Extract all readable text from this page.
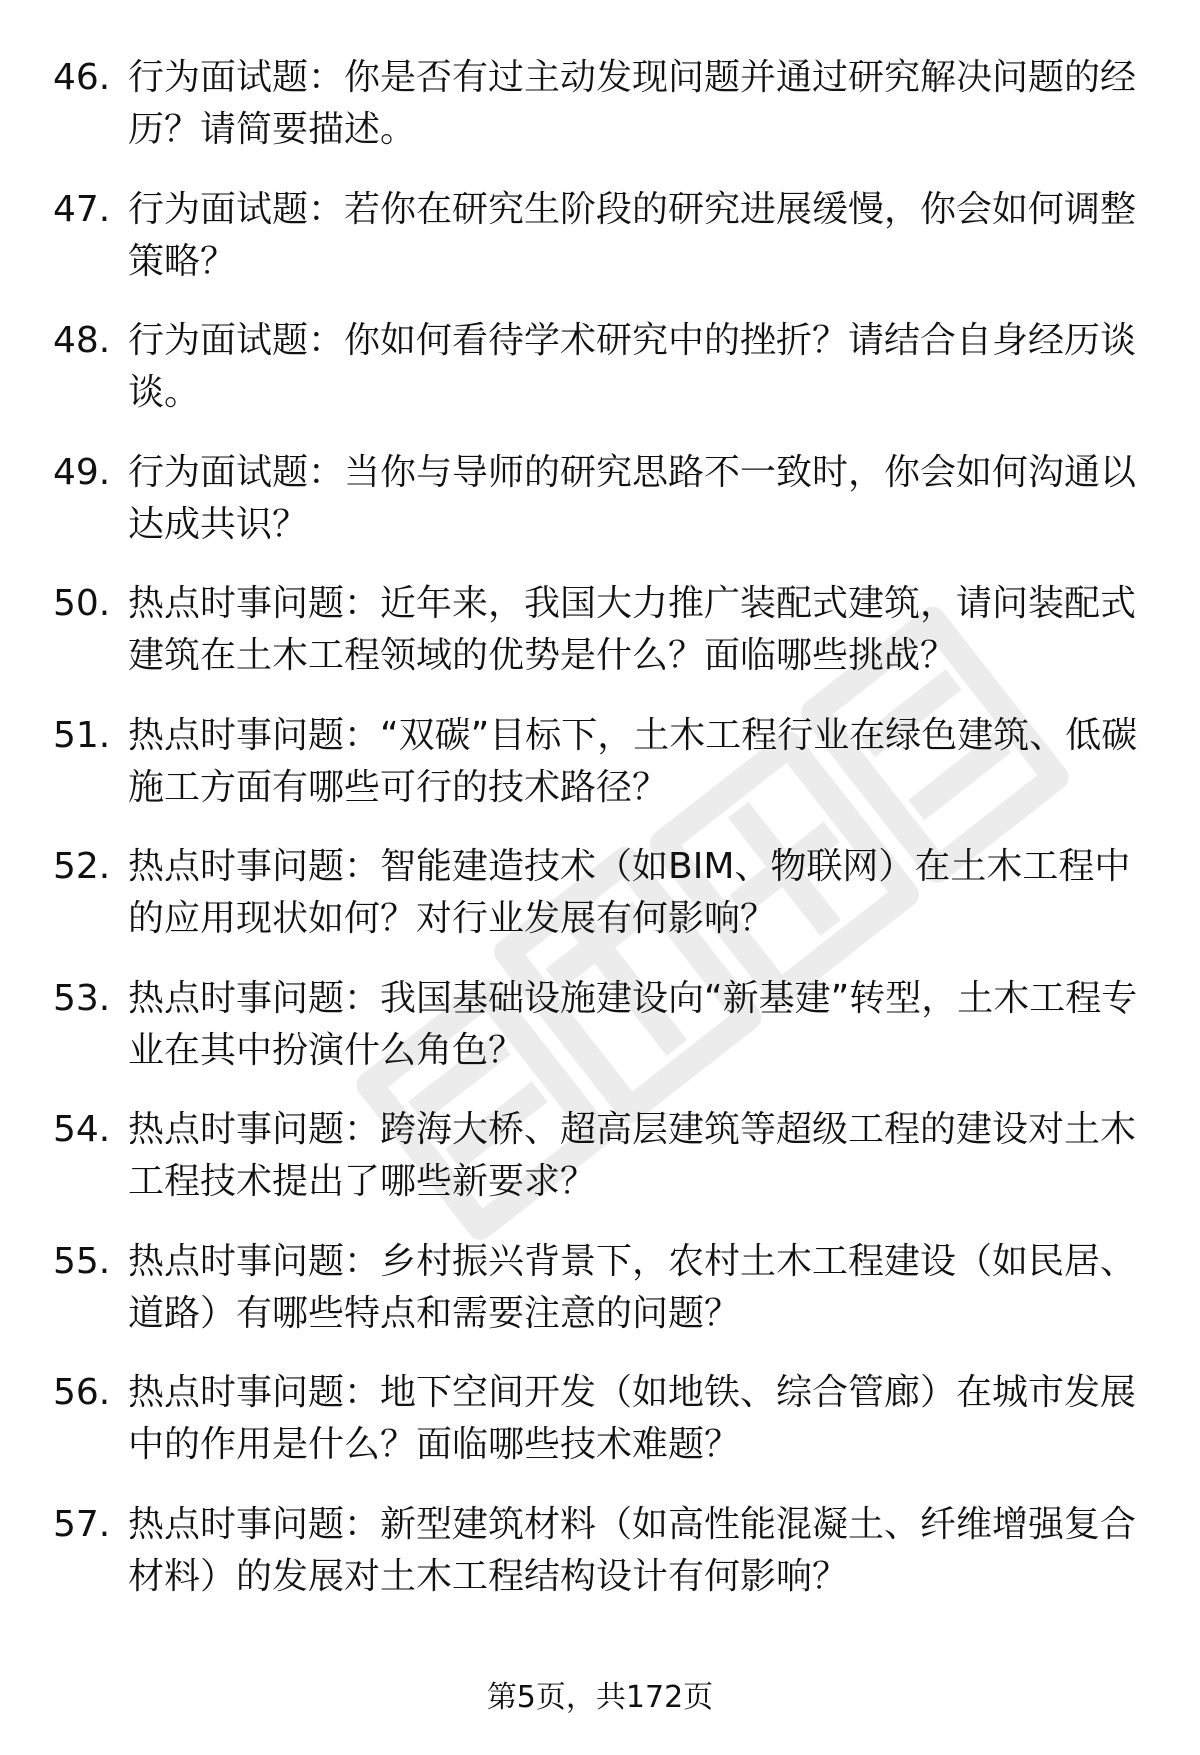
46. 行为面试题：你是否有过主动发现问题并通过研究解决问题的经历？请简要描述。
47. 行为面试题：若你在研究生阶段的研究进展缓慢，你会如何调整策略？
48. 行为面试题：你如何看待学术研究中的挫折？请结合自身经历谈谈。
49. 行为面试题：当你与导师的研究思路不一致时，你会如何沟通以达成共识？
50. 热点时事问题：近年来，我国大力推广装配式建筑，请问装配式建筑在土木工程领域的优势是什么？面临哪些挑战？
51. 热点时事问题：“双碳”目标下，土木工程行业在绿色建筑、低碳施工方面有哪些可行的技术路径？
52. 热点时事问题：智能建造技术（如BIM、物联网）在土木工程中的应用现状如何？对行业发展有何影响？
53. 热点时事问题：我国基础设施建设向“新基建”转型，土木工程专业在其中扮演什么角色？
54. 热点时事问题：跨海大桥、超高层建筑等超级工程的建设对土木工程技术提出了哪些新要求？
55. 热点时事问题：乡村振兴背景下，农村土木工程建设（如民居、道路）有哪些特点和需要注意的问题？
56. 热点时事问题：地下空间开发（如地铁、综合管廊）在城市发展中的作用是什么？面临哪些技术难题？
57. 热点时事问题：新型建筑材料（如高性能混凝土、纤维增强复合材料）的发展对土木工程结构设计有何影响？
第5页，共172页
